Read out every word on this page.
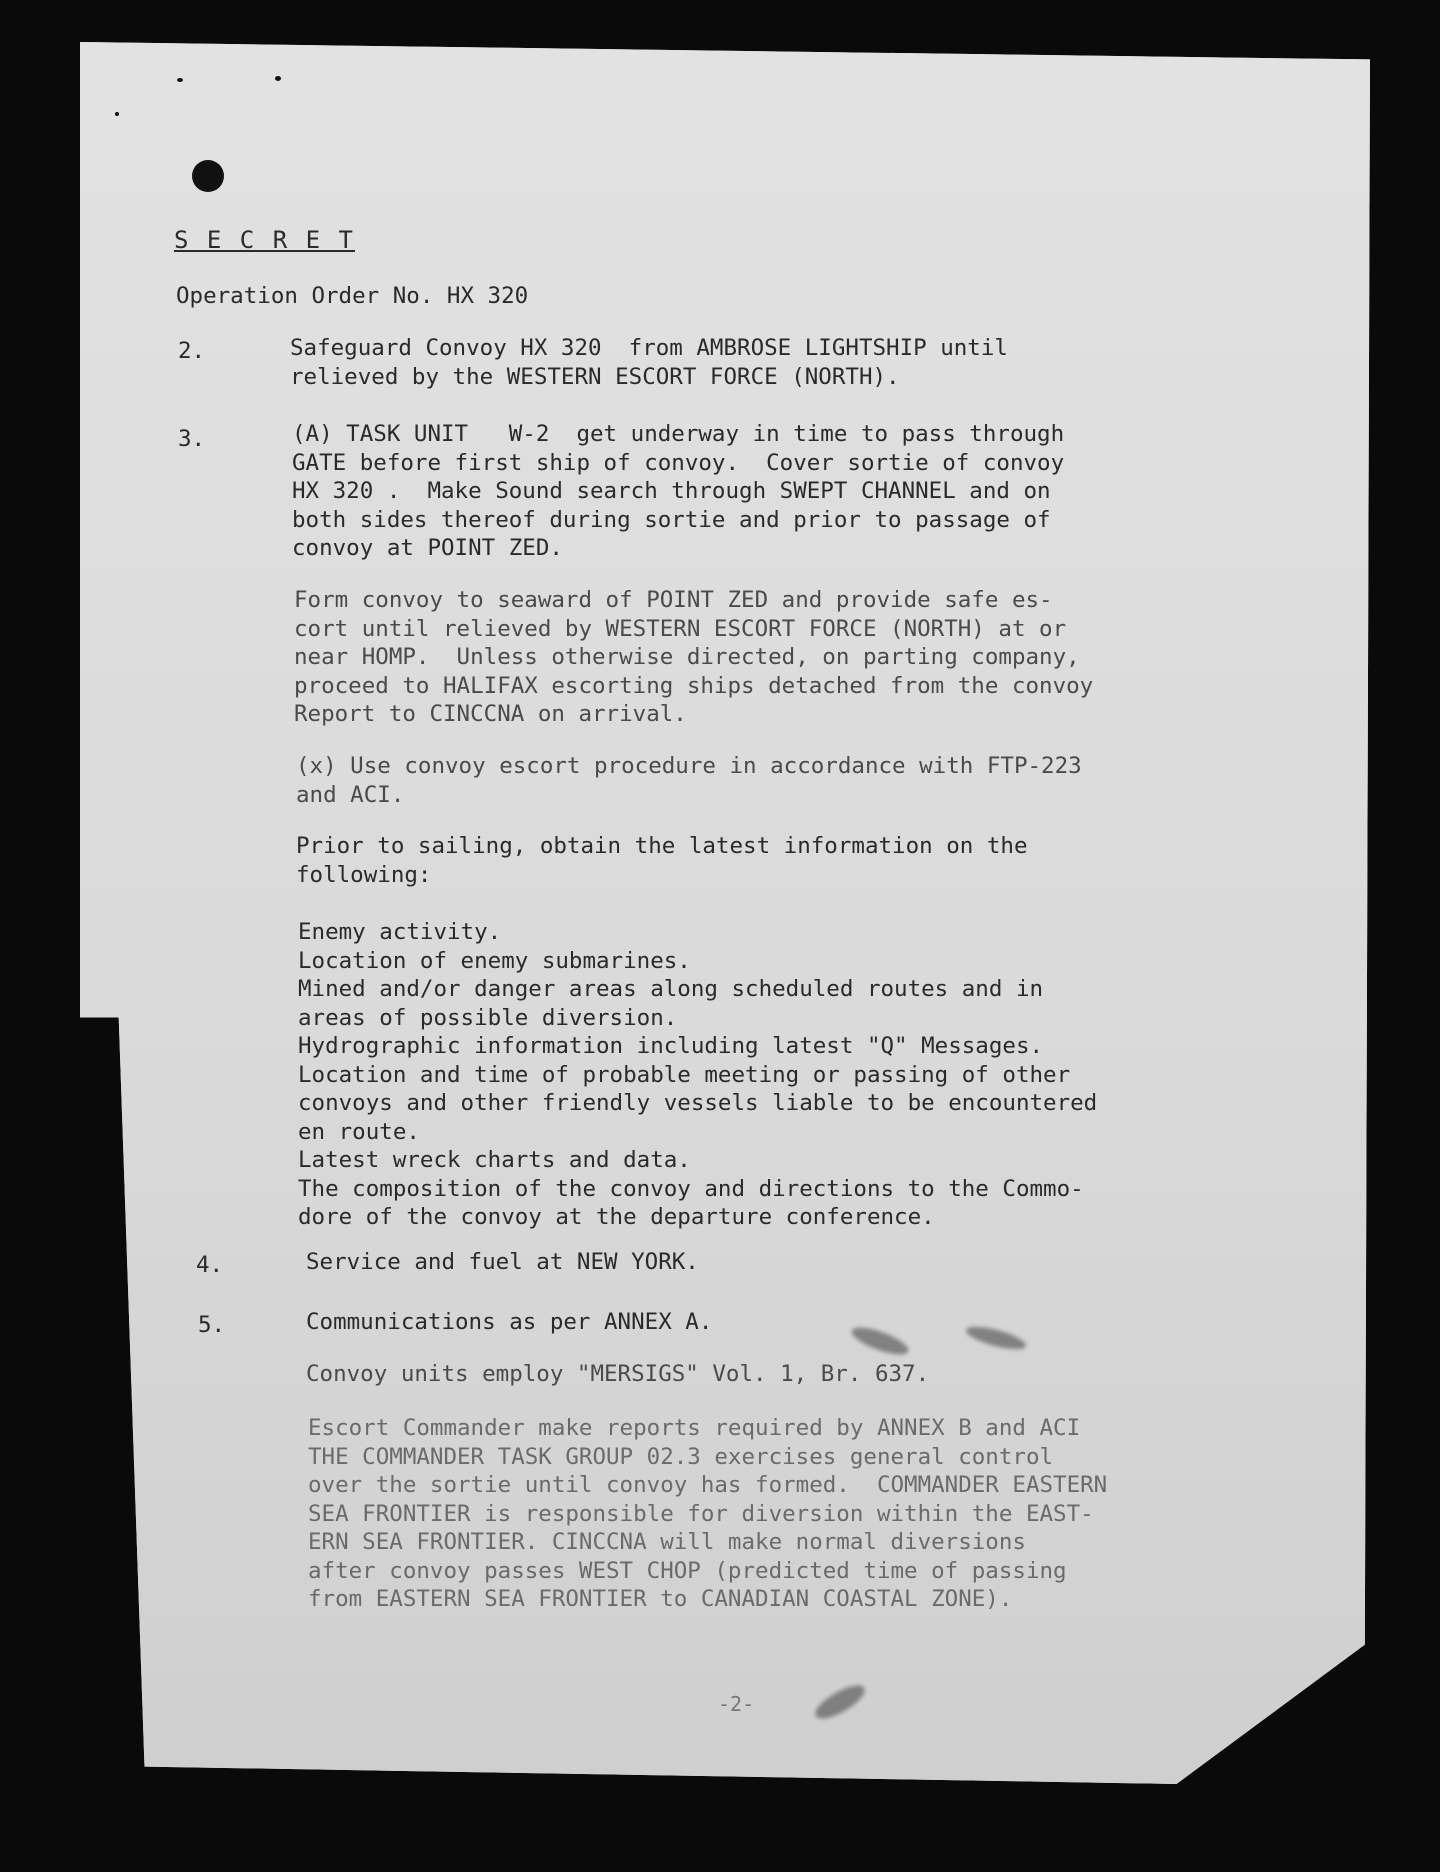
S E C R E T
Operation Order No. HX 320
2.	Safeguard Convoy HX 320  from AMBROSE LIGHTSHIP until
relieved by the WESTERN ESCORT FORCE (NORTH).
3.	(A) TASK UNIT   W-2  get underway in time to pass through
GATE before first ship of convoy.  Cover sortie of convoy
HX 320 .  Make Sound search through SWEPT CHANNEL and on
both sides thereof during sortie and prior to passage of
convoy at POINT ZED.
Form convoy to seaward of POINT ZED and provide safe es-
cort until relieved by WESTERN ESCORT FORCE (NORTH) at or
near HOMP.  Unless otherwise directed, on parting company,
proceed to HALIFAX escorting ships detached from the convoy
Report to CINCCNA on arrival.
(x) Use convoy escort procedure in accordance with FTP-223
and ACI.
Prior to sailing, obtain the latest information on the
following:
Enemy activity.
Location of enemy submarines.
Mined and/or danger areas along scheduled routes and in
areas of possible diversion.
Hydrographic information including latest "Q" Messages.
Location and time of probable meeting or passing of other
convoys and other friendly vessels liable to be encountered
en route.
Latest wreck charts and data.
The composition of the convoy and directions to the Commo-
dore of the convoy at the departure conference.
4.	Service and fuel at NEW YORK.
5.	Communications as per ANNEX A.
Convoy units employ "MERSIGS" Vol. 1, Br. 637.
Escort Commander make reports required by ANNEX B and ACI
THE COMMANDER TASK GROUP 02.3 exercises general control
over the sortie until convoy has formed.  COMMANDER EASTERN
SEA FRONTIER is responsible for diversion within the EAST-
ERN SEA FRONTIER. CINCCNA will make normal diversions
after convoy passes WEST CHOP (predicted time of passing
from EASTERN SEA FRONTIER to CANADIAN COASTAL ZONE).
-2-
